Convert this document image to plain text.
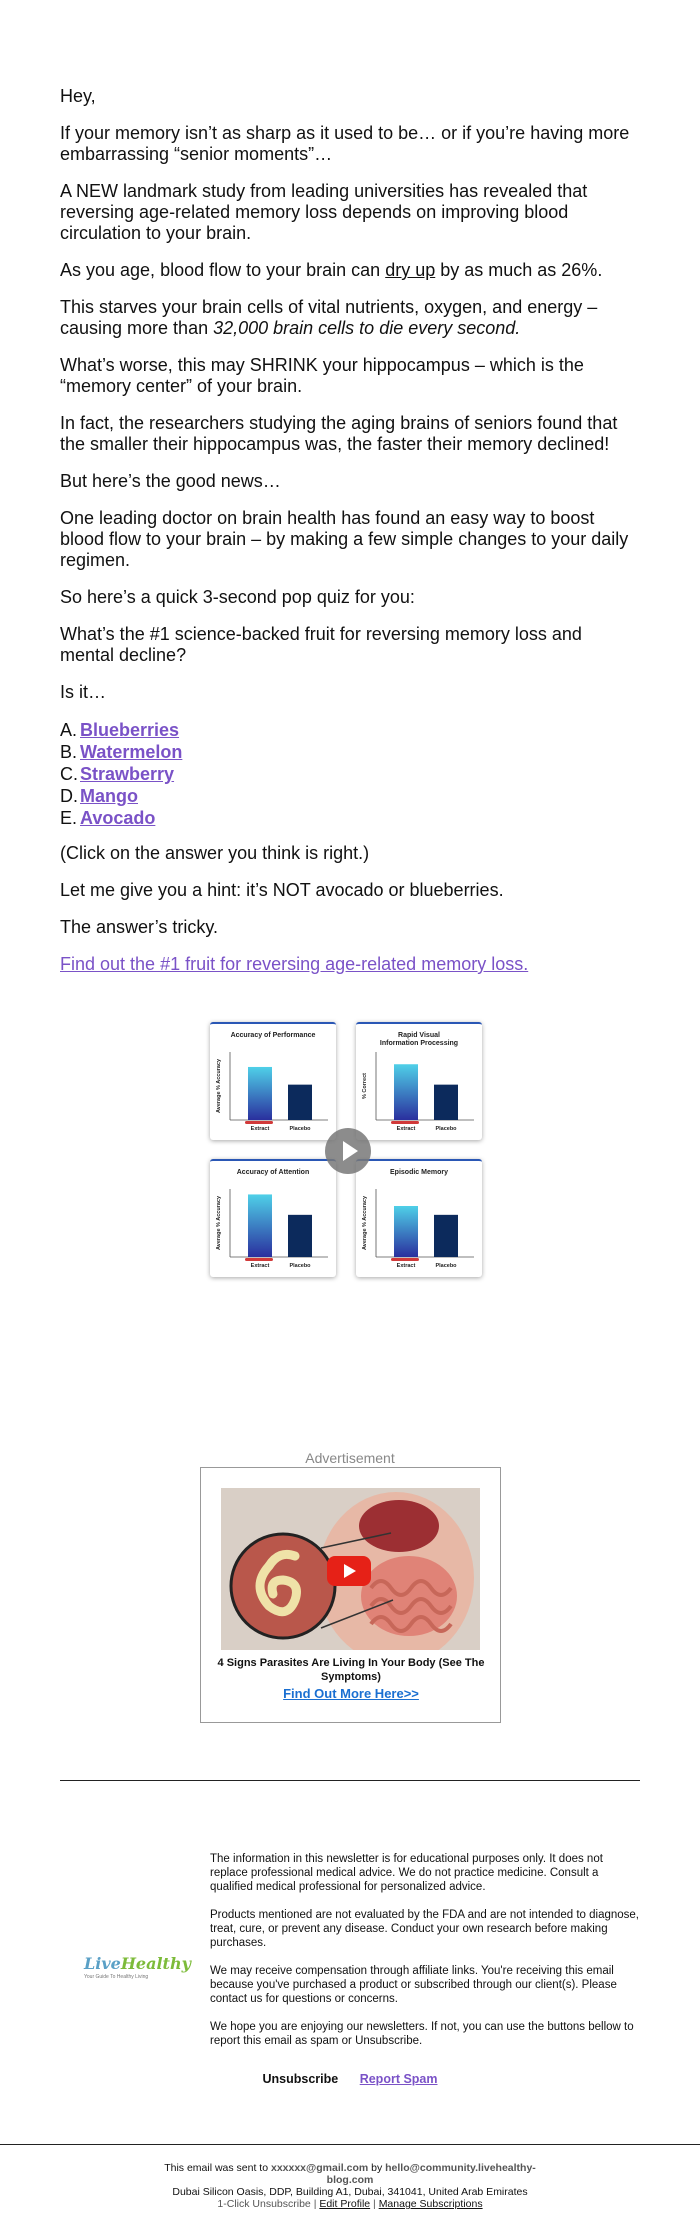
Hey,

If your memory isn’t as sharp as it used to be… or if you’re having more embarrassing “senior moments”…

A NEW landmark study from leading universities has revealed that reversing age-related memory loss depends on improving blood circulation to your brain.

As you age, blood flow to your brain can dry up by as much as 26%.

This starves your brain cells of vital nutrients, oxygen, and energy – causing more than 32,000 brain cells to die every second.

What’s worse, this may SHRINK your hippocampus – which is the “memory center” of your brain.

In fact, the researchers studying the aging brains of seniors found that the smaller their hippocampus was, the faster their memory declined!

But here’s the good news…

One leading doctor on brain health has found an easy way to boost blood flow to your brain – by making a few simple changes to your daily regimen.

So here’s a quick 3-second pop quiz for you:

What’s the #1 science-backed fruit for reversing memory loss and mental decline?

Is it…

A. Blueberries
B. Watermelon
C. Strawberry
D. Mango
E. Avocado

(Click on the answer you think is right.)

Let me give you a hint: it’s NOT avocado or blueberries.

The answer’s tricky.

Find out the #1 fruit for reversing age-related memory loss.
Accuracy of Performance
Average % Accuracy
Extract	Placebo
Rapid Visual
Information Processing
% Correct
Extract	Placebo
Accuracy of Attention
Average % Accuracy
Extract	Placebo
Episodic Memory
Average % Accuracy
Extract	Placebo
Advertisement
4 Signs Parasites Are Living In Your Body (See The Symptoms)
Find Out More Here>>
LiveHealthy
Your Guide To Healthy Living

The information in this newsletter is for educational purposes only. It does not replace professional medical advice. We do not practice medicine. Consult a qualified medical professional for personalized advice.

Products mentioned are not evaluated by the FDA and are not intended to diagnose, treat, cure, or prevent any disease. Conduct your own research before making purchases.

We may receive compensation through affiliate links. You're receiving this email because you've purchased a product or subscribed through our client(s). Please contact us for questions or concerns.

We hope you are enjoying our newsletters. If not, you can use the buttons bellow to report this email as spam or Unsubscribe.

Unsubscribe Report Spam
This email was sent to xxxxxx@gmail.com by hello@community.livehealthy-blog.com
Dubai Silicon Oasis, DDP, Building A1, Dubai, 341041, United Arab Emirates
1-Click Unsubscribe | Edit Profile | Manage Subscriptions
